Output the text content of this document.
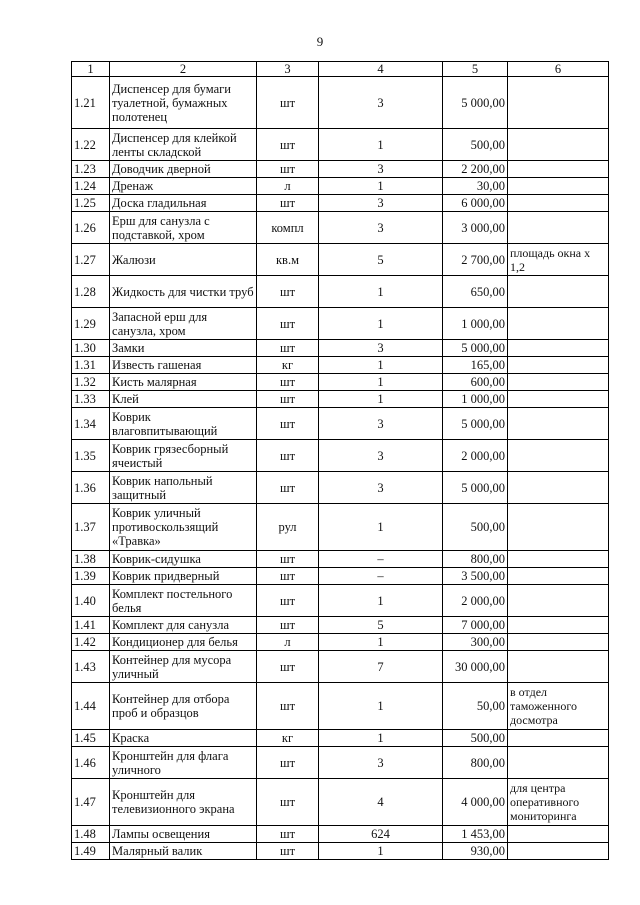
9
1	2	3	4	5	6
1.21	Диспенсер для бумаги туалетной, бумажных полотенец	шт	3	5 000,00	
1.22	Диспенсер для клейкой ленты складской	шт	1	500,00	
1.23	Доводчик дверной	шт	3	2 200,00	
1.24	Дренаж	л	1	30,00	
1.25	Доска гладильная	шт	3	6 000,00	
1.26	Ерш для санузла с подставкой, хром	компл	3	3 000,00	
1.27	Жалюзи	кв.м	5	2 700,00	площадь окна х 1,2
1.28	Жидкость для чистки труб	шт	1	650,00	
1.29	Запасной ерш для санузла, хром	шт	1	1 000,00	
1.30	Замки	шт	3	5 000,00	
1.31	Известь гашеная	кг	1	165,00	
1.32	Кисть малярная	шт	1	600,00	
1.33	Клей	шт	1	1 000,00	
1.34	Коврик влаговпитывающий	шт	3	5 000,00	
1.35	Коврик грязесборный ячеистый	шт	3	2 000,00	
1.36	Коврик напольный защитный	шт	3	5 000,00	
1.37	Коврик уличный противоскользящий «Травка»	рул	1	500,00	
1.38	Коврик-сидушка	шт	–	800,00	
1.39	Коврик придверный	шт	–	3 500,00	
1.40	Комплект постельного белья	шт	1	2 000,00	
1.41	Комплект для санузла	шт	5	7 000,00	
1.42	Кондиционер для белья	л	1	300,00	
1.43	Контейнер для мусора уличный	шт	7	30 000,00	
1.44	Контейнер для отбора проб и образцов	шт	1	50,00	в отдел таможенного досмотра
1.45	Краска	кг	1	500,00	
1.46	Кронштейн для флага уличного	шт	3	800,00	
1.47	Кронштейн для телевизионного экрана	шт	4	4 000,00	для центра оперативного мониторинга
1.48	Лампы освещения	шт	624	1 453,00	
1.49	Малярный валик	шт	1	930,00	
